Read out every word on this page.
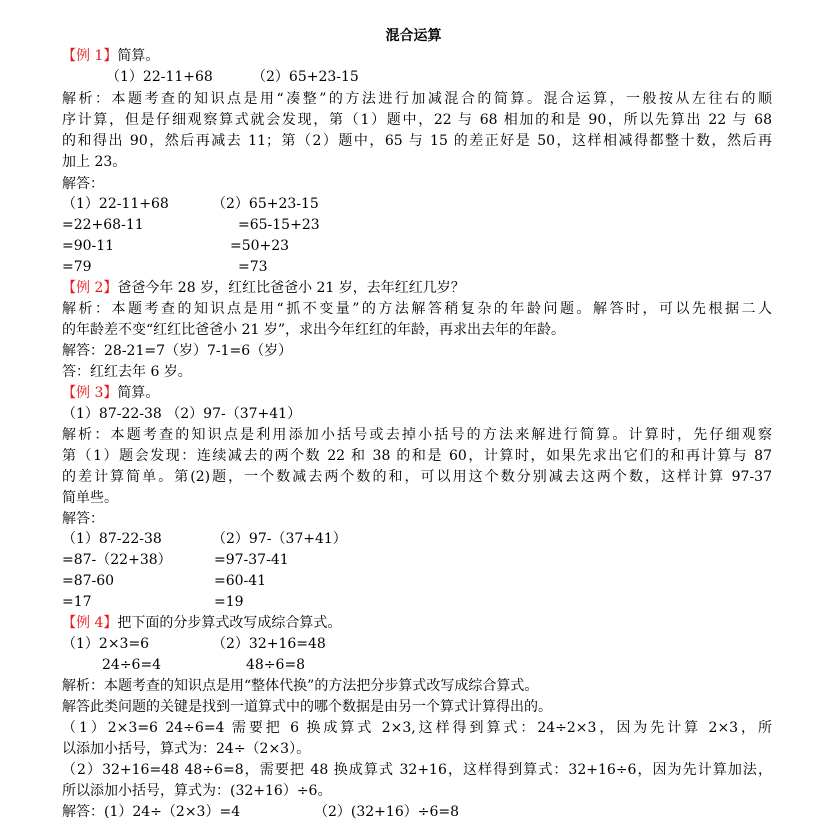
混合运算
【例 1】简算。
（1）22-11+68	（2）65+23-15
解析：本题考查的知识点是用“凑整”的方法进行加减混合的简算。混合运算，一般按从左往右的顺
序计算，但是仔细观察算式就会发现，第（1）题中，22 与 68 相加的和是 90，所以先算出 22 与 68
的和得出 90，然后再减去 11；第（2）题中，65 与 15 的差正好是 50，这样相减得都整十数，然后再
加上 23。
解答：
（1）22-11+68	（2）65+23-15
=22+68-11	=65-15+23
=90-11	=50+23
=79	=73
【例 2】爸爸今年 28 岁，红红比爸爸小 21 岁，去年红红几岁？
解析：本题考查的知识点是用“抓不变量”的方法解答稍复杂的年龄问题。解答时，可以先根据二人
的年龄差不变“红红比爸爸小 21 岁”，求出今年红红的年龄，再求出去年的年龄。
解答：28-21=7（岁）7-1=6（岁）
答：红红去年 6 岁。
【例 3】简算。
（1）87-22-38 （2）97-（37+41）
解析：本题考查的知识点是利用添加小括号或去掉小括号的方法来解进行简算。计算时，先仔细观察
第（1）题会发现：连续减去的两个数 22 和 38 的和是 60，计算时，如果先求出它们的和再计算与 87
的差计算简单。第(2)题，一个数减去两个数的和，可以用这个数分别减去这两个数，这样计算 97-37
简单些。
解答：
（1）87-22-38	（2）97-（37+41）
=87-（22+38）	=97-37-41
=87-60	=60-41
=17	=19
【例 4】把下面的分步算式改写成综合算式。
（1）2×3=6	（2）32+16=48
24÷6=4	48÷6=8
解析：本题考查的知识点是用“整体代换”的方法把分步算式改写成综合算式。
解答此类问题的关键是找到一道算式中的哪个数据是由另一个算式计算得出的。
（1）2×3=6 24÷6=4 需要把 6 换成算式 2×3,这样得到算式：24÷2×3，因为先计算 2×3，所
以添加小括号，算式为：24÷（2×3）。
（2）32+16=48 48÷6=8，需要把 48 换成算式 32+16，这样得到算式：32+16÷6，因为先计算加法，
所以添加小括号，算式为：(32+16）÷6。
解答：(1）24÷（2×3）=4	（2）(32+16）÷6=8
